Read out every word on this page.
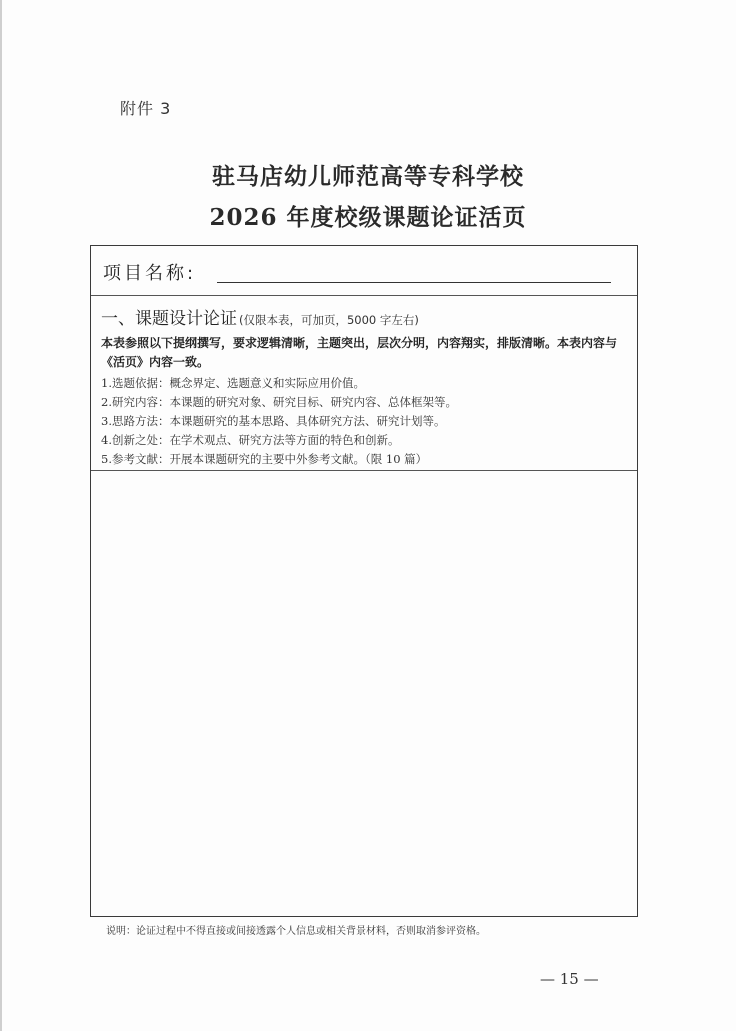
附件 3
驻马店幼儿师范高等专科学校
2026 年度校级课题论证活页
项目名称:
一、课题设计论证 (仅限本表，可加页，5000 字左右)
本表参照以下提纲撰写，要求逻辑清晰，主题突出，层次分明，内容翔实，排版清晰。本表内容与《活页》内容一致。
1.选题依据：概念界定、选题意义和实际应用价值。
2.研究内容：本课题的研究对象、研究目标、研究内容、总体框架等。
3.思路方法：本课题研究的基本思路、具体研究方法、研究计划等。
4.创新之处：在学术观点、研究方法等方面的特色和创新。
5.参考文献：开展本课题研究的主要中外参考文献。（限 10 篇）
说明：论证过程中不得直接或间接透露个人信息或相关背景材料，否则取消参评资格。
— 15 —
